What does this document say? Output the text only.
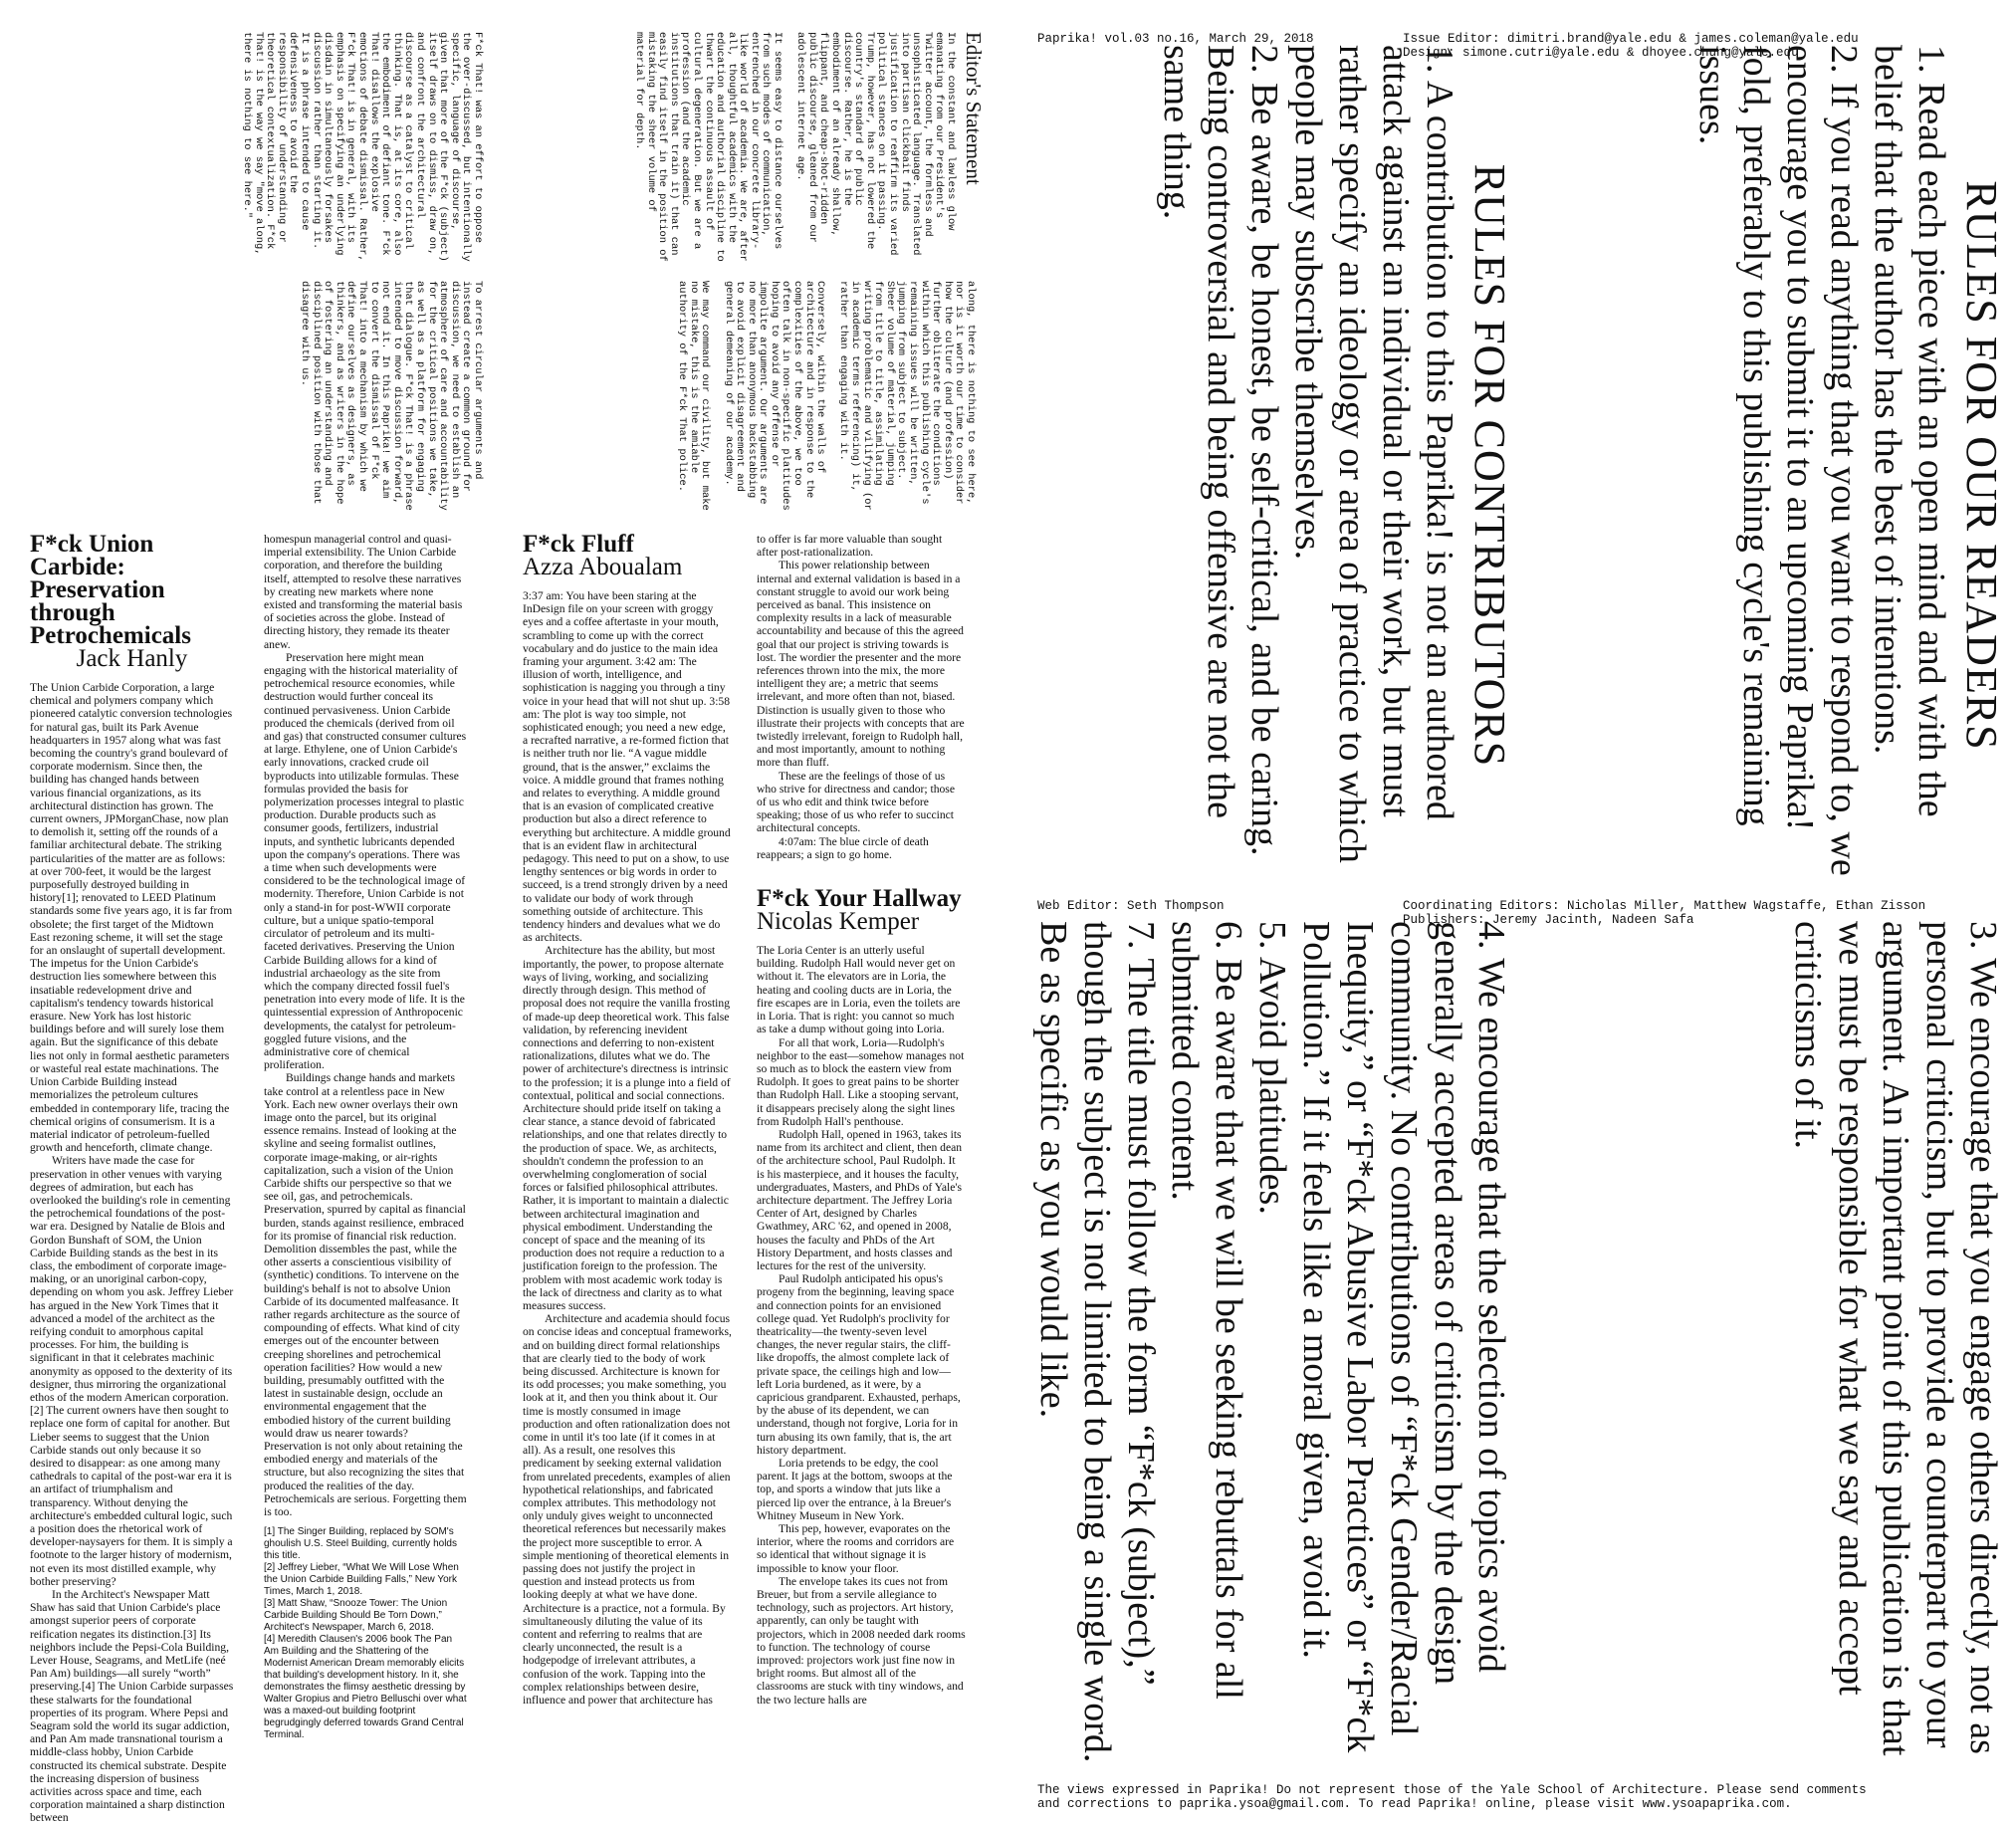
Editor's Statement
In the constant and lawless glow emanating from our President's Twitter account, the formless and unsophisticated language. Translated into partisan clickbait finds justification to reaffirm its varied political stances on it passing. Trump, however, has not lowered the country's standard of public discourse. Rather, he is the embodiment of an already shallow, flippant, and cheap-shot-ridden public discourse, gleaned from our adolescent internet age.

It seems easy to distance ourselves from such modes of communication, entrenched in our concrete library-like world of academia. We are, after all, thoughtful academics with the education and authorial discipline to thwart the continuous assault of cultural degeneration. But we are a profession (and the academic institutions that train it) that can easily find itself in the position of mistaking the sheer volume of material for depth.
along, there is nothing to see here, nor is it worth our time to consider how the culture (and profession) further obliterate the conditions within which this publishing cycle's remaining issues will be written, jumping from subject to subject. Sheer volume of material, jumping from title to title, assimilating writing problematic and vilifying (or in academic terms referencing) it, rather than engaging with it.

Conversely, within the walls of architecture and in response to the complexities of the above, we too often talk in non-specific platitudes hoping to avoid any offense or impolite argument. Our arguments are no more than anonymous backstabbing to avoid explicit disagreement and general demeaning of our academy.

We may command our civility, but make no mistake, this is the amiable authority of the F*ck That police.
F*ck That! was an effort to oppose the over-discussed, but intentionally specific, language of discourse, given that more of the F*ck (subject) itself draws on to dismiss, draw on, and confront the architectural discourse as a catalyst to critical thinking. That is, at its core, also the embodiment of defiant tone. F*ck That! disallows the explosive emotions of debate dismissal. Rather, F*ck That! is in general, with its emphasis on specifying an underlying disdain in simultaneously forsakes discussion rather than starting it. It is a phrase intended to cause defensiveness to avoid the responsibility of understanding or theoretical contextualization. F*ck That! is the way we say "move along, there is nothing to see here."
To arrest circular arguments and instead create a common ground for discussion, we need to establish an atmosphere of care and accountability for the critical positions we take, as well as a platform for engaging that dialogue. F*ck That! is a phrase intended to move discussion forward, not end it. In this Paprika! we aim to convert the dismissal of F*ck That! into a mechanism by which we define ourselves as designers, as thinkers, and as writers in the hope of fostering an understanding and disciplined position with those that disagree with us.
F*ck Union Carbide: Preservation through Petrochemicals
Jack Hanly

The Union Carbide Corporation, a large chemical and polymers company which pioneered catalytic conversion technologies for natural gas, built its Park Avenue headquarters in 1957 along what was fast becoming the country's grand boulevard of corporate modernism. Since then, the building has changed hands between various financial organizations, as its architectural distinction has grown. The current owners, JPMorganChase, now plan to demolish it, setting off the rounds of a familiar architectural debate. The striking particularities of the matter are as follows: at over 700-feet, it would be the largest purposefully destroyed building in history[1]; renovated to LEED Platinum standards some five years ago, it is far from obsolete; the first target of the Midtown East rezoning scheme, it will set the stage for an onslaught of supertall development. The impetus for the Union Carbide's destruction lies somewhere between this insatiable redevelopment drive and capitalism's tendency towards historical erasure. New York has lost historic buildings before and will surely lose them again. But the significance of this debate lies not only in formal aesthetic parameters or wasteful real estate machinations. The Union Carbide Building instead memorializes the petroleum cultures embedded in contemporary life, tracing the chemical origins of consumerism. It is a material indicator of petroleum-fuelled growth and henceforth, climate change.

Writers have made the case for preservation in other venues with varying degrees of admiration, but each has overlooked the building's role in cementing the petrochemical foundations of the post-war era. Designed by Natalie de Blois and Gordon Bunshaft of SOM, the Union Carbide Building stands as the best in its class, the embodiment of corporate image-making, or an unoriginal carbon-copy, depending on whom you ask. Jeffrey Lieber has argued in the New York Times that it advanced a model of the architect as the reifying conduit to amorphous capital processes. For him, the building is significant in that it celebrates machinic anonymity as opposed to the dexterity of its designer, thus mirroring the organizational ethos of the modern American corporation.[2] The current owners have then sought to replace one form of capital for another. But Lieber seems to suggest that the Union Carbide stands out only because it so desired to disappear: as one among many cathedrals to capital of the post-war era it is an artifact of triumphalism and transparency. Without denying the architecture's embedded cultural logic, such a position does the rhetorical work of developer-naysayers for them. It is simply a footnote to the larger history of modernism, not even its most distilled example, why bother preserving?

In the Architect's Newspaper Matt Shaw has said that Union Carbide's place amongst superior peers of corporate reification negates its distinction.[3] Its neighbors include the Pepsi-Cola Building, Lever House, Seagrams, and MetLife (neé Pan Am) buildings—all surely “worth” preserving.[4] The Union Carbide surpasses these stalwarts for the foundational properties of its program. Where Pepsi and Seagram sold the world its sugar addiction, and Pan Am made transnational tourism a middle-class hobby, Union Carbide constructed its chemical substrate. Despite the increasing dispersion of business activities across space and time, each corporation maintained a sharp distinction between

homespun managerial control and quasi-imperial extensibility. The Union Carbide corporation, and therefore the building itself, attempted to resolve these narratives by creating new markets where none existed and transforming the material basis of societies across the globe. Instead of directing history, they remade its theater anew.

Preservation here might mean engaging with the historical materiality of petrochemical resource economies, while destruction would further conceal its continued pervasiveness. Union Carbide produced the chemicals (derived from oil and gas) that constructed consumer cultures at large. Ethylene, one of Union Carbide's early innovations, cracked crude oil byproducts into utilizable formulas. These formulas provided the basis for polymerization processes integral to plastic production. Durable products such as consumer goods, fertilizers, industrial inputs, and synthetic lubricants depended upon the company's operations. There was a time when such developments were considered to be the technological image of modernity. Therefore, Union Carbide is not only a stand-in for post-WWII corporate culture, but a unique spatio-temporal circulator of petroleum and its multi-faceted derivatives. Preserving the Union Carbide Building allows for a kind of industrial archaeology as the site from which the company directed fossil fuel's penetration into every mode of life. It is the quintessential expression of Anthropocenic developments, the catalyst for petroleum-goggled future visions, and the administrative core of chemical proliferation.

Buildings change hands and markets take control at a relentless pace in New York. Each new owner overlays their own image onto the parcel, but its original essence remains. Instead of looking at the skyline and seeing formalist outlines, corporate image-making, or air-rights capitalization, such a vision of the Union Carbide shifts our perspective so that we see oil, gas, and petrochemicals. Preservation, spurred by capital as financial burden, stands against resilience, embraced for its promise of financial risk reduction. Demolition dissembles the past, while the other asserts a conscientious visibility of (synthetic) conditions. To intervene on the building's behalf is not to absolve Union Carbide of its documented malfeasance. It rather regards architecture as the source of compounding of effects. What kind of city emerges out of the encounter between creeping shorelines and petrochemical operation facilities? How would a new building, presumably outfitted with the latest in sustainable design, occlude an environmental engagement that the embodied history of the current building would draw us nearer towards? Preservation is not only about retaining the embodied energy and materials of the structure, but also recognizing the sites that produced the realities of the day. Petrochemicals are serious. Forgetting them is too.

[1] The Singer Building, replaced by SOM's ghoulish U.S. Steel Building, currently holds this title.

[2] Jeffrey Lieber, “What We Will Lose When the Union Carbide Building Falls,” New York Times, March 1, 2018.

[3] Matt Shaw, “Snooze Tower: The Union Carbide Building Should Be Torn Down,” Architect's Newspaper, March 6, 2018.

[4] Meredith Clausen's 2006 book The Pan Am Building and the Shattering of the Modernist American Dream memorably elicits that building's development history. In it, she demonstrates the flimsy aesthetic dressing by Walter Gropius and Pietro Belluschi over what was a maxed-out building footprint begrudgingly deferred towards Grand Central Terminal.

F*ck Fluff
Azza Aboualam

3:37 am: You have been staring at the InDesign file on your screen with groggy eyes and a coffee aftertaste in your mouth, scrambling to come up with the correct vocabulary and do justice to the main idea framing your argument. 3:42 am: The illusion of worth, intelligence, and sophistication is nagging you through a tiny voice in your head that will not shut up. 3:58 am: The plot is way too simple, not sophisticated enough; you need a new edge, a recrafted narrative, a re-formed fiction that is neither truth nor lie. “A vague middle ground, that is the answer,” exclaims the voice. A middle ground that frames nothing and relates to everything. A middle ground that is an evasion of complicated creative production but also a direct reference to everything but architecture. A middle ground that is an evident flaw in architectural pedagogy. This need to put on a show, to use lengthy sentences or big words in order to succeed, is a trend strongly driven by a need to validate our body of work through something outside of architecture. This tendency hinders and devalues what we do as architects.

Architecture has the ability, but most importantly, the power, to propose alternate ways of living, working, and socializing directly through design. This method of proposal does not require the vanilla frosting of made-up deep theoretical work. This false validation, by referencing inevident connections and deferring to non-existent rationalizations, dilutes what we do. The power of architecture's directness is intrinsic to the profession; it is a plunge into a field of contextual, political and social connections. Architecture should pride itself on taking a clear stance, a stance devoid of fabricated relationships, and one that relates directly to the production of space. We, as architects, shouldn't condemn the profession to an overwhelming conglomeration of social forces or falsified philosophical attributes. Rather, it is important to maintain a dialectic between architectural imagination and physical embodiment. Understanding the concept of space and the meaning of its production does not require a reduction to a justification foreign to the profession. The problem with most academic work today is the lack of directness and clarity as to what measures success.

Architecture and academia should focus on concise ideas and conceptual frameworks, and on building direct formal relationships that are clearly tied to the body of work being discussed. Architecture is known for its odd processes; you make something, you look at it, and then you think about it. Our time is mostly consumed in image production and often rationalization does not come in until it's too late (if it comes in at all). As a result, one resolves this predicament by seeking external validation from unrelated precedents, examples of alien hypothetical relationships, and fabricated complex attributes. This methodology not only unduly gives weight to unconnected theoretical references but necessarily makes the project more susceptible to error. A simple mentioning of theoretical elements in passing does not justify the project in question and instead protects us from looking deeply at what we have done. Architecture is a practice, not a formula. By simultaneously diluting the value of its content and referring to realms that are clearly unconnected, the result is a hodgepodge of irrelevant attributes, a confusion of the work. Tapping into the complex relationships between desire, influence and power that architecture has

to offer is far more valuable than sought after post-rationalization.

This power relationship between internal and external validation is based in a constant struggle to avoid our work being perceived as banal. This insistence on complexity results in a lack of measurable accountability and because of this the agreed goal that our project is striving towards is lost. The wordier the presenter and the more references thrown into the mix, the more intelligent they are; a metric that seems irrelevant, and more often than not, biased. Distinction is usually given to those who illustrate their projects with concepts that are twistedly irrelevant, foreign to Rudolph hall, and most importantly, amount to nothing more than fluff.

These are the feelings of those of us who strive for directness and candor; those of us who edit and think twice before speaking; those of us who refer to succinct architectural concepts.

4:07am: The blue circle of death reappears; a sign to go home.

F*ck Your Hallway
Nicolas Kemper

The Loria Center is an utterly useful building. Rudolph Hall would never get on without it. The elevators are in Loria, the heating and cooling ducts are in Loria, the fire escapes are in Loria, even the toilets are in Loria. That is right: you cannot so much as take a dump without going into Loria.

For all that work, Loria—Rudolph's neighbor to the east—somehow manages not so much as to block the eastern view from Rudolph. It goes to great pains to be shorter than Rudolph Hall. Like a stooping servant, it disappears precisely along the sight lines from Rudolph Hall's penthouse.

Rudolph Hall, opened in 1963, takes its name from its architect and client, then dean of the architecture school, Paul Rudolph. It is his masterpiece, and it houses the faculty, undergraduates, Masters, and PhDs of Yale's architecture department. The Jeffrey Loria Center of Art, designed by Charles Gwathmey, ARC '62, and opened in 2008, houses the faculty and PhDs of the Art History Department, and hosts classes and lectures for the rest of the university.

Paul Rudolph anticipated his opus's progeny from the beginning, leaving space and connection points for an envisioned college quad. Yet Rudolph's proclivity for theatricality—the twenty-seven level changes, the never regular stairs, the cliff-like dropoffs, the almost complete lack of private space, the ceilings high and low—left Loria burdened, as it were, by a capricious grandparent. Exhausted, perhaps, by the abuse of its dependent, we can understand, though not forgive, Loria for in turn abusing its own family, that is, the art history department.

Loria pretends to be edgy, the cool parent. It jags at the bottom, swoops at the top, and sports a window that juts like a pierced lip over the entrance, à la Breuer's Whitney Museum in New York.

This pep, however, evaporates on the interior, where the rooms and corridors are so identical that without signage it is impossible to know your floor.

The envelope takes its cues not from Breuer, but from a servile allegiance to technology, such as projectors. Art history, apparently, can only be taught with projectors, which in 2008 needed dark rooms to function. The technology of course improved: projectors work just fine now in bright rooms. But almost all of the classrooms are stuck with tiny windows, and the two lecture halls are

Paprika! vol.03 no.16, March 29, 2018	Issue Editor: dimitri.brand@yale.edu & james.coleman@yale.edu
Design: simone.cutri@yale.edu & dhoyee.chung@yale.edu
Web Editor: Seth Thompson	Coordinating Editors: Nicholas Miller, Matthew Wagstaffe, Ethan Zisson
Publishers: Jeremy Jacinth, Nadeen Safa
The views expressed in Paprika! Do not represent those of the Yale School of Architecture. Please send comments
and corrections to paprika.ysoa@gmail.com. To read Paprika! online, please visit www.ysoapaprika.com.
RULES FOR OUR READERS

1. Read each piece with an open mind and with the belief that the author has the best of intentions.

2. If you read anything that you want to respond to, we encourage you to submit it to an upcoming Paprika! fold, preferably to this publishing cycle's remaining issues.

3. We encourage that you engage others directly, not as personal criticism, but to provide a counterpart to your argument. An important point of this publication is that we must be responsible for what we say and accept criticisms of it.

RULES FOR CONTRIBUTORS

1. A contribution to this Paprika! is not an authored attack against an individual or their work, but must rather specify an ideology or area of practice to which people may subscribe themselves.

2. Be aware, be honest, be self-critical, and be caring. Being controversial and being offensive are not the same thing.

4. We encourage that the selection of topics avoid generally accepted areas of criticism by the design community. No contributions of “F*ck Gender/Racial Inequity,” or “F*ck Abusive Labor Practices” or “F*ck Pollution.” If it feels like a moral given, avoid it.

5. Avoid platitudes.

6. Be aware that we will be seeking rebuttals for all submitted content.

7. The title must follow the form “F*ck (subject),” though the subject is not limited to being a single word. Be as specific as you would like.
